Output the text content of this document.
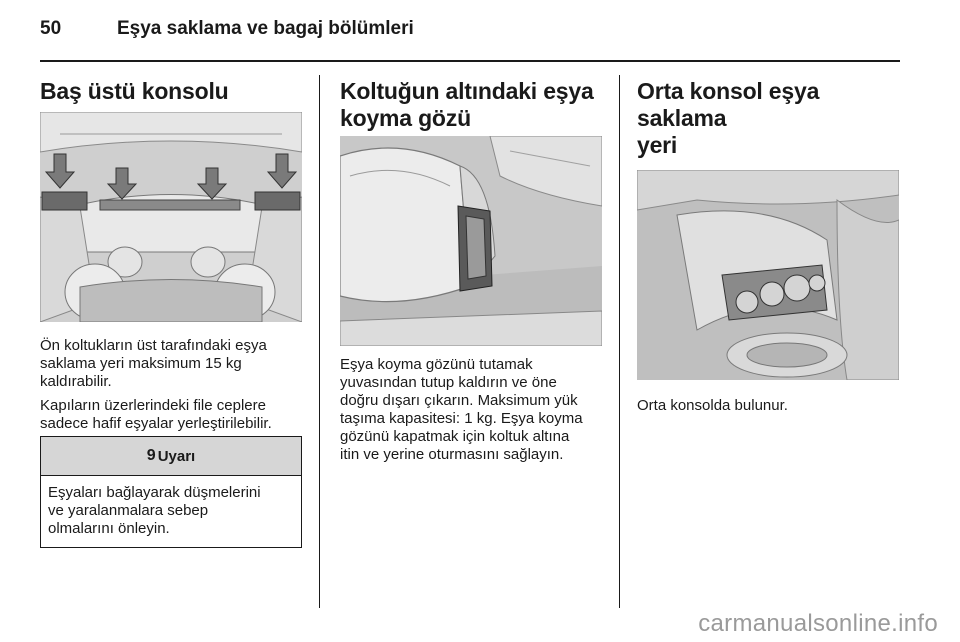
50	Eşya saklama ve bagaj bölümleri
Baş üstü konsolu

Ön koltukların üst tarafındaki eşya

saklama yeri maksimum 15 kg

kaldırabilir.

Kapıların üzerlerindeki file ceplere

sadece hafif eşyalar yerleştirilebilir.

9 Uyarı

Eşyaları bağlayarak düşmelerini

ve yaralanmalara sebep

olmalarını önleyin.

Koltuğun altındaki eşya
koyma gözü

Eşya koyma gözünü tutamak

yuvasından tutup kaldırın ve öne

doğru dışarı çıkarın. Maksimum yük

taşıma kapasitesi: 1 kg. Eşya koyma

gözünü kapatmak için koltuk altına

itin ve yerine oturmasını sağlayın.

Orta konsol eşya saklama
yeri

Orta konsolda bulunur.

carmanualsonline.info
